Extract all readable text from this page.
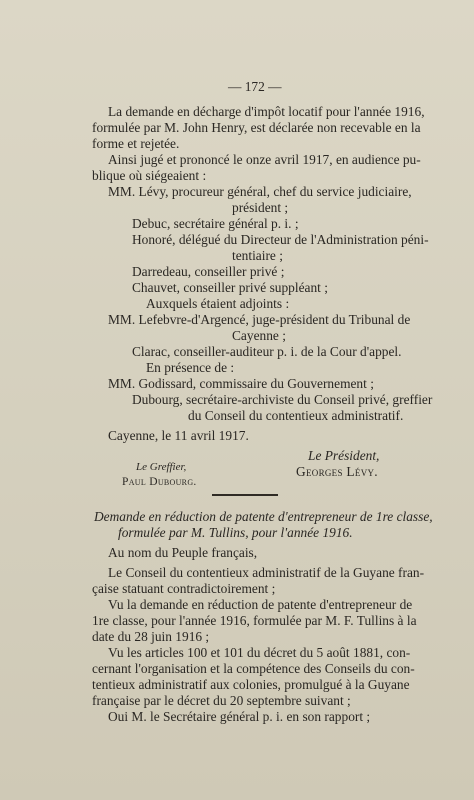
— 172 —
La demande en décharge d'impôt locatif pour l'année 1916,
formulée par M. John Henry, est déclarée non recevable en la
forme et rejetée.
Ainsi jugé et prononcé le onze avril 1917, en audience pu-
blique où siégeaient :
MM. Lévy, procureur général, chef du service judiciaire,
président ;
Debuc, secrétaire général p. i. ;
Honoré, délégué du Directeur de l'Administration péni-
tentiaire ;
Darredeau, conseiller privé ;
Chauvet, conseiller privé suppléant ;
Auxquels étaient adjoints :
MM. Lefebvre-d'Argencé, juge-président du Tribunal de
Cayenne ;
Clarac, conseiller-auditeur p. i. de la Cour d'appel.
En présence de :
MM. Godissard, commissaire du Gouvernement ;
Dubourg, secrétaire-archiviste du Conseil privé, greffier
du Conseil du contentieux administratif.
Cayenne, le 11 avril 1917.
Le Président,
Georges Lévy.
Le Greffier,
Paul Dubourg.
Demande en réduction de patente d'entrepreneur de 1re classe,
formulée par M. Tullins, pour l'année 1916.
Au nom du Peuple français,
Le Conseil du contentieux administratif de la Guyane fran-
çaise statuant contradictoirement ;
Vu la demande en réduction de patente d'entrepreneur de
1re classe, pour l'année 1916, formulée par M. F. Tullins à la
date du 28 juin 1916 ;
Vu les articles 100 et 101 du décret du 5 août 1881, con-
cernant l'organisation et la compétence des Conseils du con-
tentieux administratif aux colonies, promulgué à la Guyane
française par le décret du 20 septembre suivant ;
Oui M. le Secrétaire général p. i. en son rapport ;
